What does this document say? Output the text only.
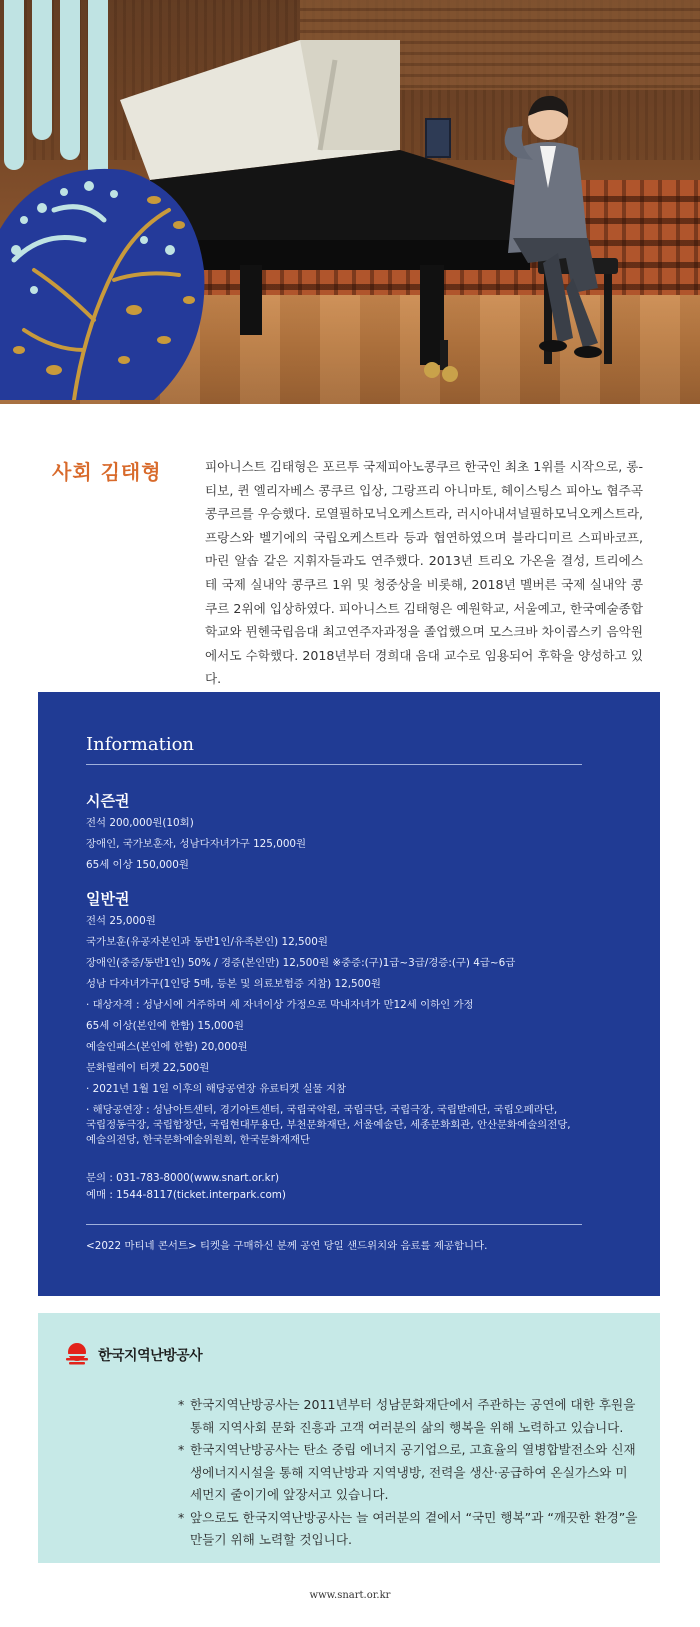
사회 김태형	피아니스트 김태형은 포르투 국제피아노콩쿠르 한국인 최초 1위를 시작으로, 롱-티보, 퀸 엘리자베스 콩쿠르 입상, 그랑프리 아니마토, 헤이스팅스 피아노 협주곡 콩쿠르를 우승했다. 로열필하모닉오케스트라, 러시아내셔널필하모닉오케스트라, 프랑스와 벨기에의 국립오케스트라 등과 협연하였으며 블라디미르 스피바코프, 마린 알솝 같은 지휘자들과도 연주했다. 2013년 트리오 가온을 결성, 트리에스테 국제 실내악 콩쿠르 1위 및 청중상을 비롯해, 2018년 멜버른 국제 실내악 콩쿠르 2위에 입상하였다. 피아니스트 김태형은 예원학교, 서울예고, 한국예술종합학교와 뮌헨국립음대 최고연주자과정을 졸업했으며 모스크바 차이콥스키 음악원에서도 수학했다. 2018년부터 경희대 음대 교수로 임용되어 후학을 양성하고 있다.

Information
시즌권
전석 200,000원(10회)
장애인, 국가보훈자, 성남다자녀가구 125,000원
65세 이상 150,000원
일반권
전석 25,000원
국가보훈(유공자본인과 동반1인/유족본인) 12,500원
장애인(중증/동반1인) 50% / 경증(본인만) 12,500원 ※중증:(구)1급~3급/경증:(구) 4급~6급
성남 다자녀가구(1인당 5매, 등본 및 의료보험증 지참) 12,500원
· 대상자격 : 성남시에 거주하며 세 자녀이상 가정으로 막내자녀가 만12세 이하인 가정
65세 이상(본인에 한함) 15,000원
예술인패스(본인에 한함) 20,000원
문화릴레이 티켓 22,500원
· 2021년 1월 1일 이후의 해당공연장 유료티켓 실물 지참
· 해당공연장 : 성남아트센터, 경기아트센터, 국립국악원, 국립극단, 국립극장, 국립발레단, 국립오페라단,
국립정동극장, 국립합창단, 국립현대무용단, 부천문화재단, 서울예술단, 세종문화회관, 안산문화예술의전당,
예술의전당, 한국문화예술위원회, 한국문화재재단
문의 : 031-783-8000(www.snart.or.kr)
예매 : 1544-8117(ticket.interpark.com)
<2022 마티네 콘서트> 티켓을 구매하신 분께 공연 당일 샌드위치와 음료를 제공합니다.
한국지역난방공사
* 한국지역난방공사는 2011년부터 성남문화재단에서 주관하는 공연에 대한 후원을 통해 지역사회 문화 진흥과 고객 여러분의 삶의 행복을 위해 노력하고 있습니다.
* 한국지역난방공사는 탄소 중립 에너지 공기업으로, 고효율의 열병합발전소와 신재생에너지시설을 통해 지역난방과 지역냉방, 전력을 생산·공급하여 온실가스와 미세먼지 줄이기에 앞장서고 있습니다.
* 앞으로도 한국지역난방공사는 늘 여러분의 곁에서 “국민 행복”과 “깨끗한 환경”을 만들기 위해 노력할 것입니다.
www.snart.or.kr
